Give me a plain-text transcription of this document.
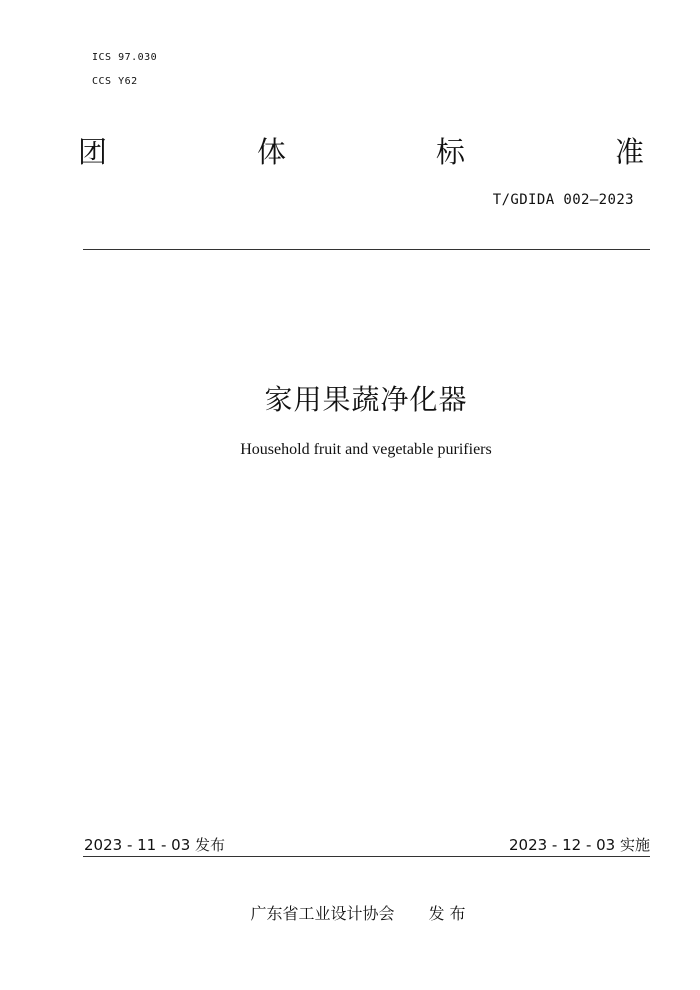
ICS 97.030
CCS Y62
团	体	标	准
T/GDIDA 002—2023
家用果蔬净化器
Household fruit and vegetable purifiers
2023 - 11 - 03 发布	2023 - 12 - 03 实施
广东省工业设计协会 发 布
